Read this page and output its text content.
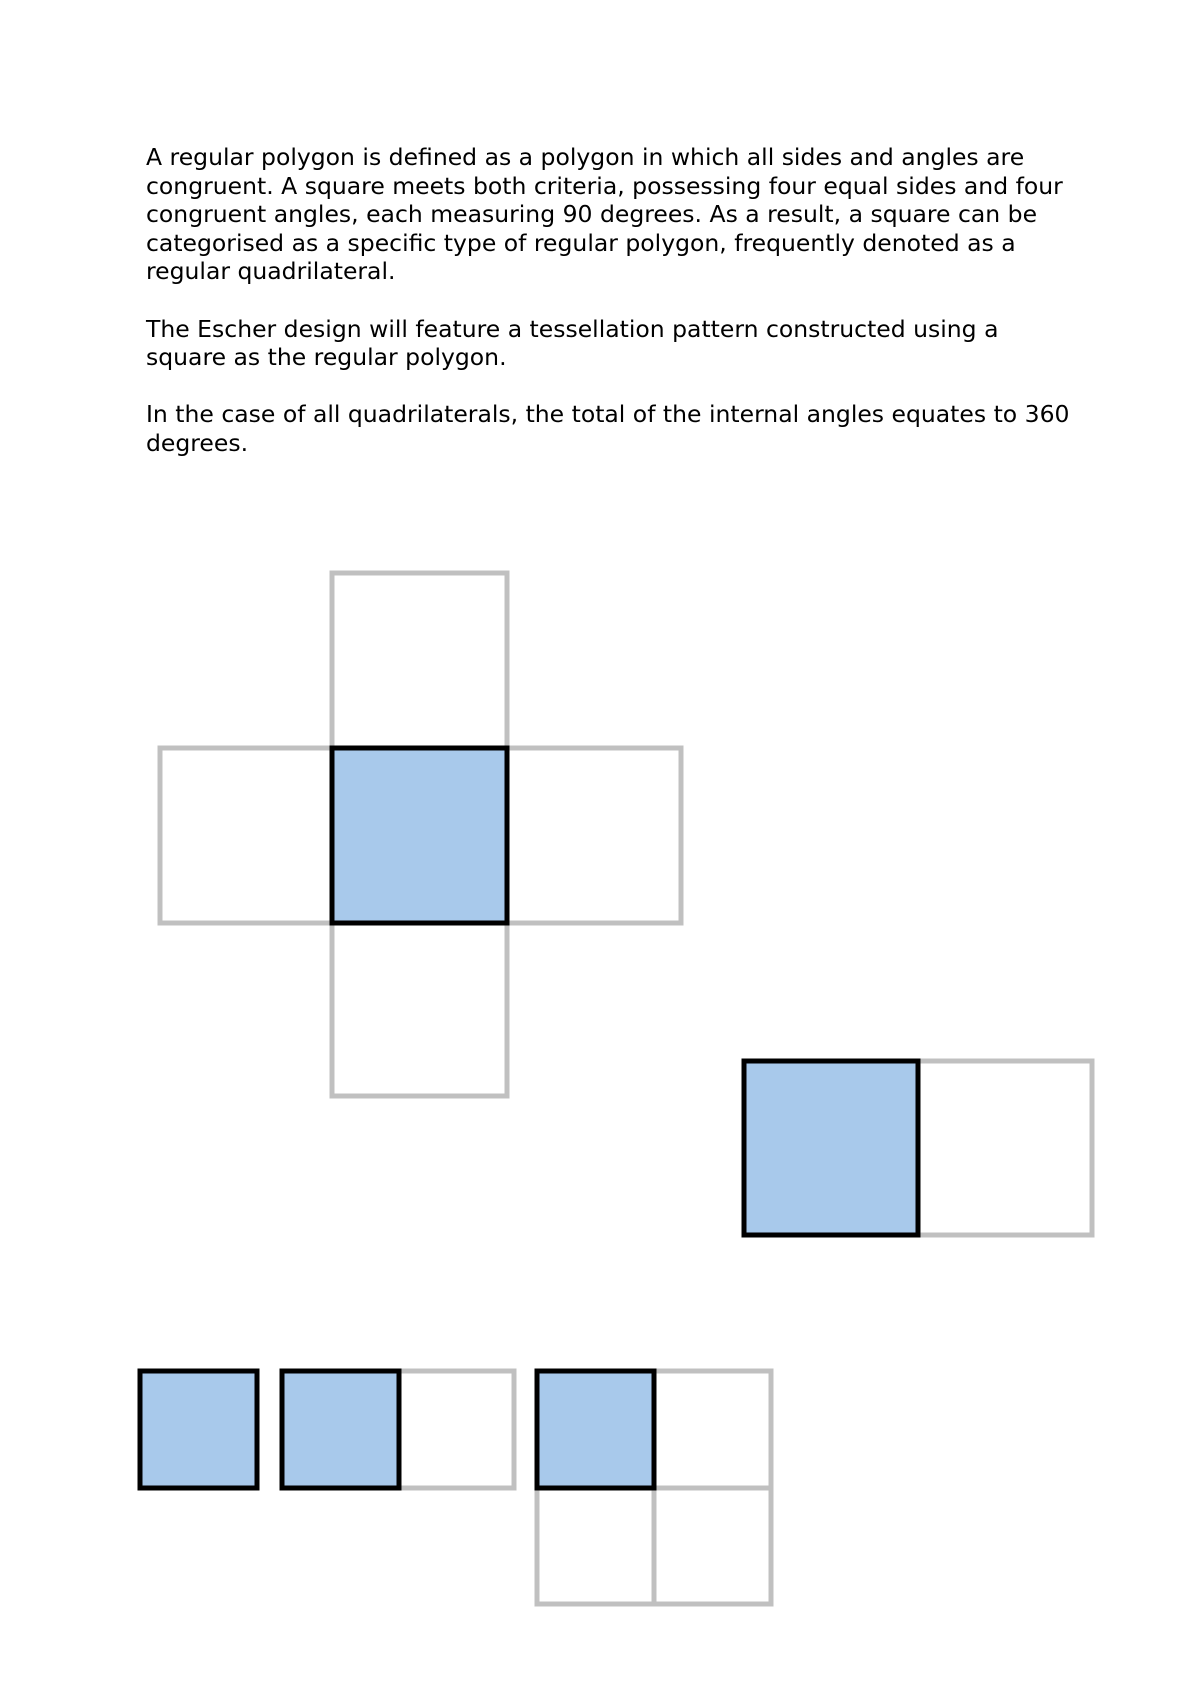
A regular polygon is defined as a polygon in which all sides and angles are congruent. A square meets both criteria, possessing four equal sides and four congruent angles, each measuring 90 degrees. As a result, a square can be categorised as a specific type of regular polygon, frequently denoted as a regular quadrilateral.

The Escher design will feature a tessellation pattern constructed using a square as the regular polygon.

In the case of all quadrilaterals, the total of the internal angles equates to 360 degrees.
